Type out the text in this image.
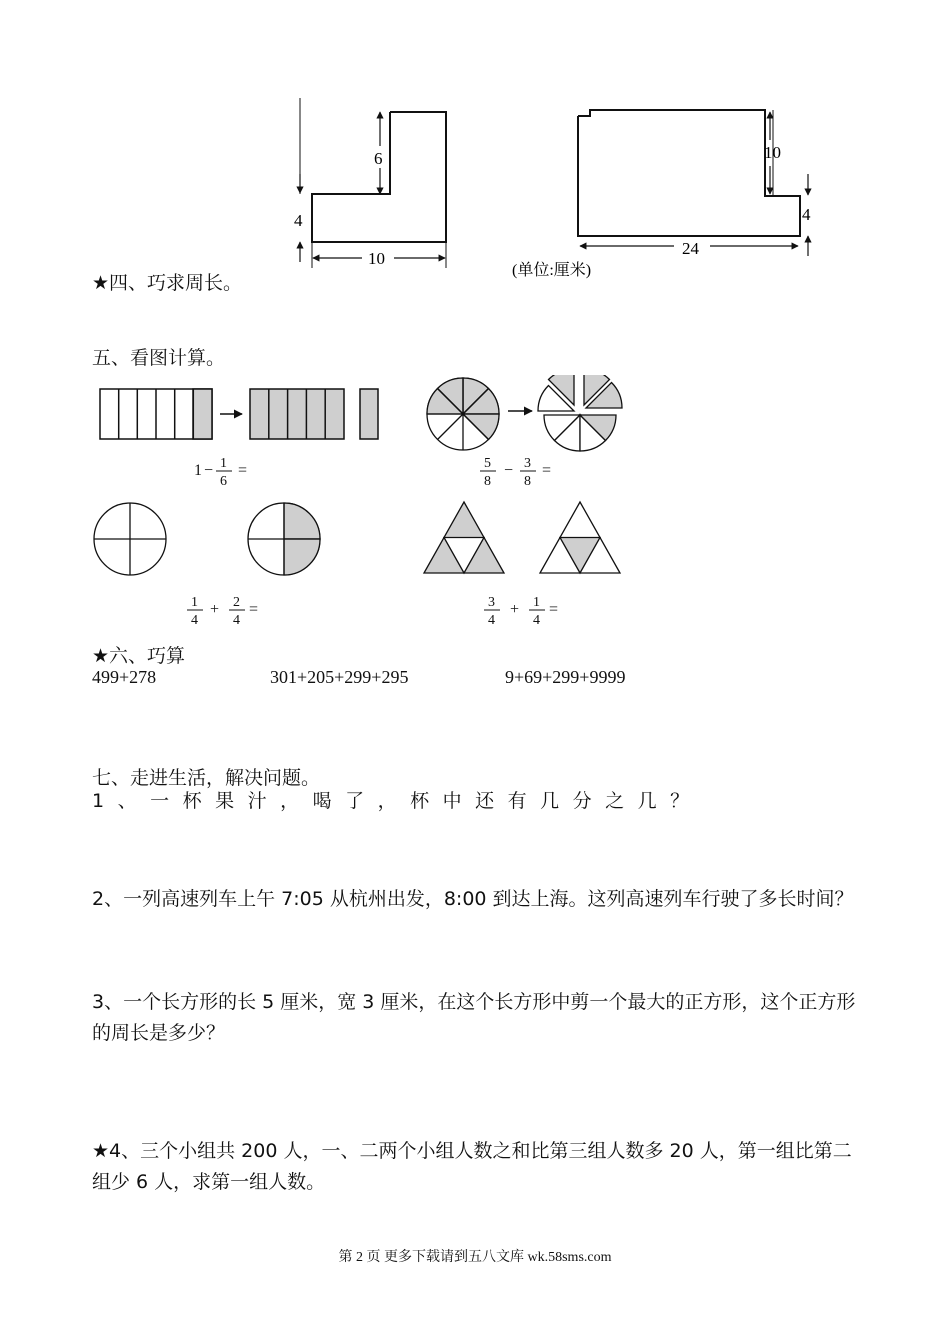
6
4
10
10
4
24
(单位:厘米)
★四、巧求周长。
五、看图计算。
1 − 1
6
=	5
8
− 3
8
=
1
4
+ 2
4
=	3
4
+ 1
4
=
★六、巧算
499+278	301+205+299+295	9+69+299+9999
七、走进生活，解决问题。
1、一杯果汁，喝了，杯中还有几分之几？
2、一列高速列车上午 7:05 从杭州出发，8:00 到达上海。这列高速列车行驶了多长时间？
3、一个长方形的长 5 厘米，宽 3 厘米，在这个长方形中剪一个最大的正方形，这个正方形的周长是多少？
★4、三个小组共 200 人，一、二两个小组人数之和比第三组人数多 20 人，第一组比第二组少 6 人，求第一组人数。
第 2 页 更多下载请到五八文库 wk.58sms.com
